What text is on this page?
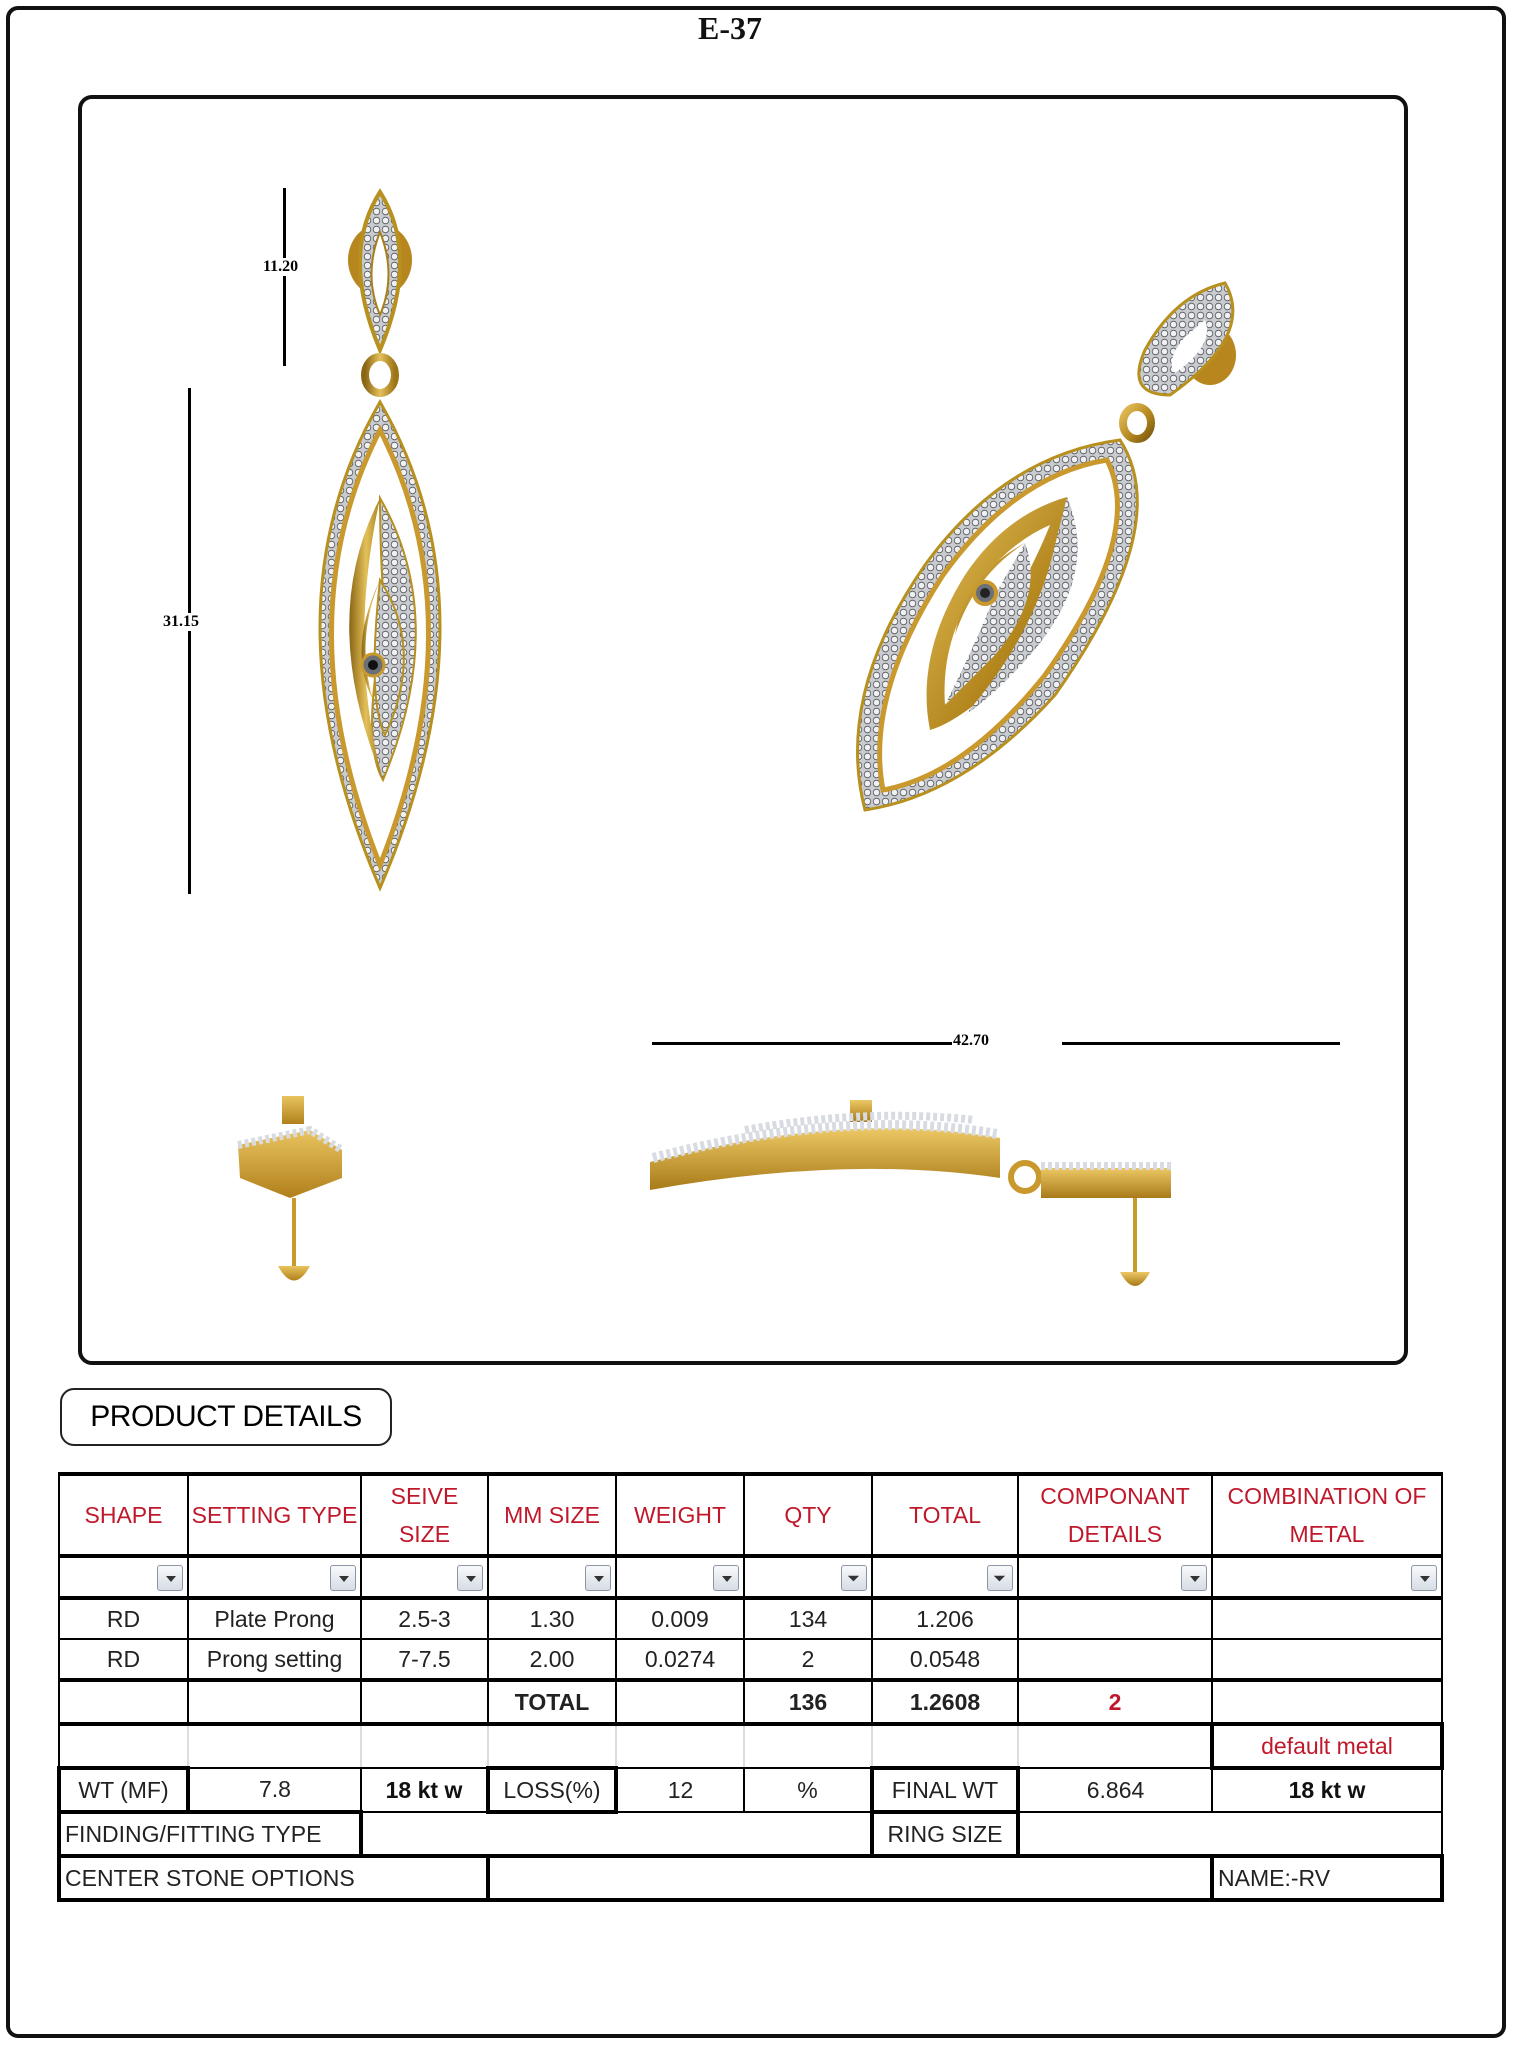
E-37
11.20
31.15
42.70
PRODUCT DETAILS
SHAPE	SETTING TYPE	SEIVE SIZE	MM SIZE	WEIGHT	QTY	TOTAL	COMPONANT DETAILS	COMBINATION OF METAL

					⏷	⏷		

RD	Plate Prong	2.5-3	1.30	0.009	134	1.206		
RD	Prong setting	7-7.5	2.00	0.0274	2	0.0548		
			TOTAL		136	1.2608	2	
								default metal
WT (MF)	7.8	18 kt w	LOSS(%)	12	%	FINAL WT	6.864	18 kt w
FINDING/FITTING TYPE						RING SIZE		
CENTER STONE OPTIONS								NAME:-RV
